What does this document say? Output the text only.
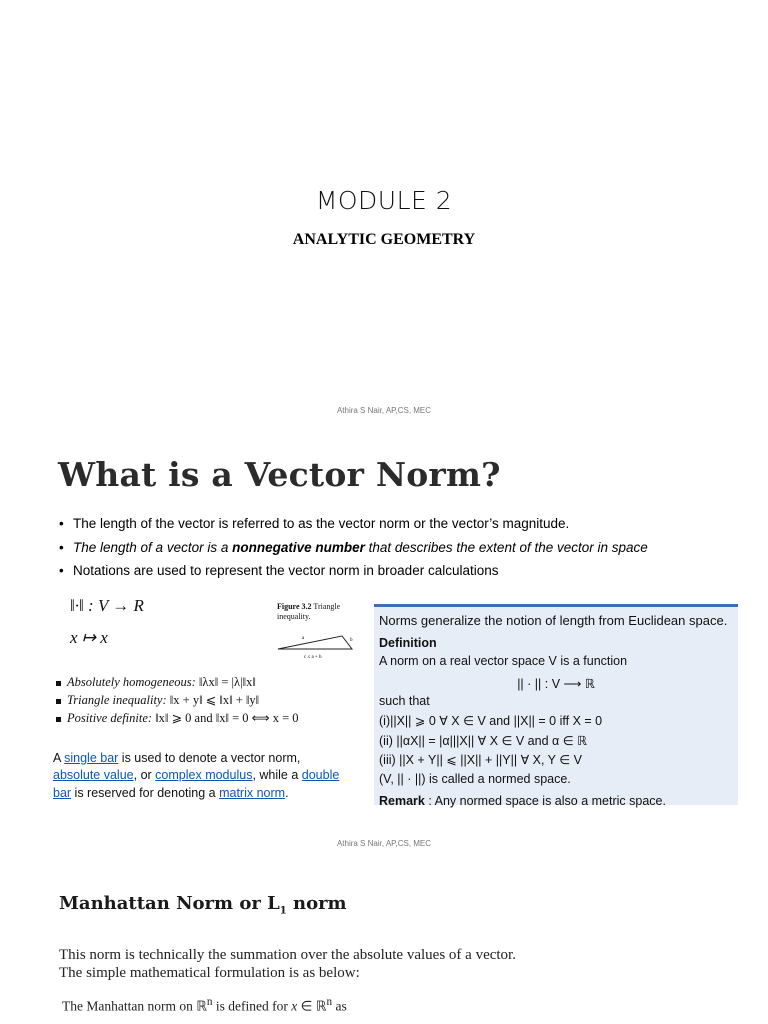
MODULE 2
ANALYTIC GEOMETRY
Athira S Nair, AP,CS, MEC
What is a Vector Norm?
• The length of the vector is referred to as the vector norm or the vector’s magnitude.
• The length of a vector is a nonnegative number that describes the extent of the vector in space
• Notations are used to represent the vector norm in broader calculations
‖·‖ : V → R
x ↦ x
Figure 3.2 Triangle inequality.
a	b
c ≤ a + b
Absolutely homogeneous: ‖λx‖ = |λ|‖x‖
Triangle inequality: ‖x + y‖ ⩽ ‖x‖ + ‖y‖
Positive definite: ‖x‖ ⩾ 0 and ‖x‖ = 0 ⟺ x = 0
A single bar is used to denote a vector norm, absolute value, or complex modulus, while a double bar is reserved for denoting a matrix norm.
Norms generalize the notion of length from Euclidean space.
Definition
A norm on a real vector space V is a function
|| · || : V ⟶ ℝ
such that
(i)||X|| ⩾ 0 ∀ X ∈ V and ||X|| = 0 iff X = 0
(ii) ||αX|| = |α|||X|| ∀ X ∈ V and α ∈ ℝ
(iii) ||X + Y|| ⩽ ||X|| + ||Y|| ∀ X, Y ∈ V
(V, || · ||) is called a normed space.
Remark : Any normed space is also a metric space.
Athira S Nair, AP,CS, MEC
Manhattan Norm or $L_1$ norm
This norm is technically the summation over the absolute values of a vector.
The simple mathematical formulation is as below:
The Manhattan norm on ℝ$^n$ is defined for x ∈ ℝ$^n$ as
